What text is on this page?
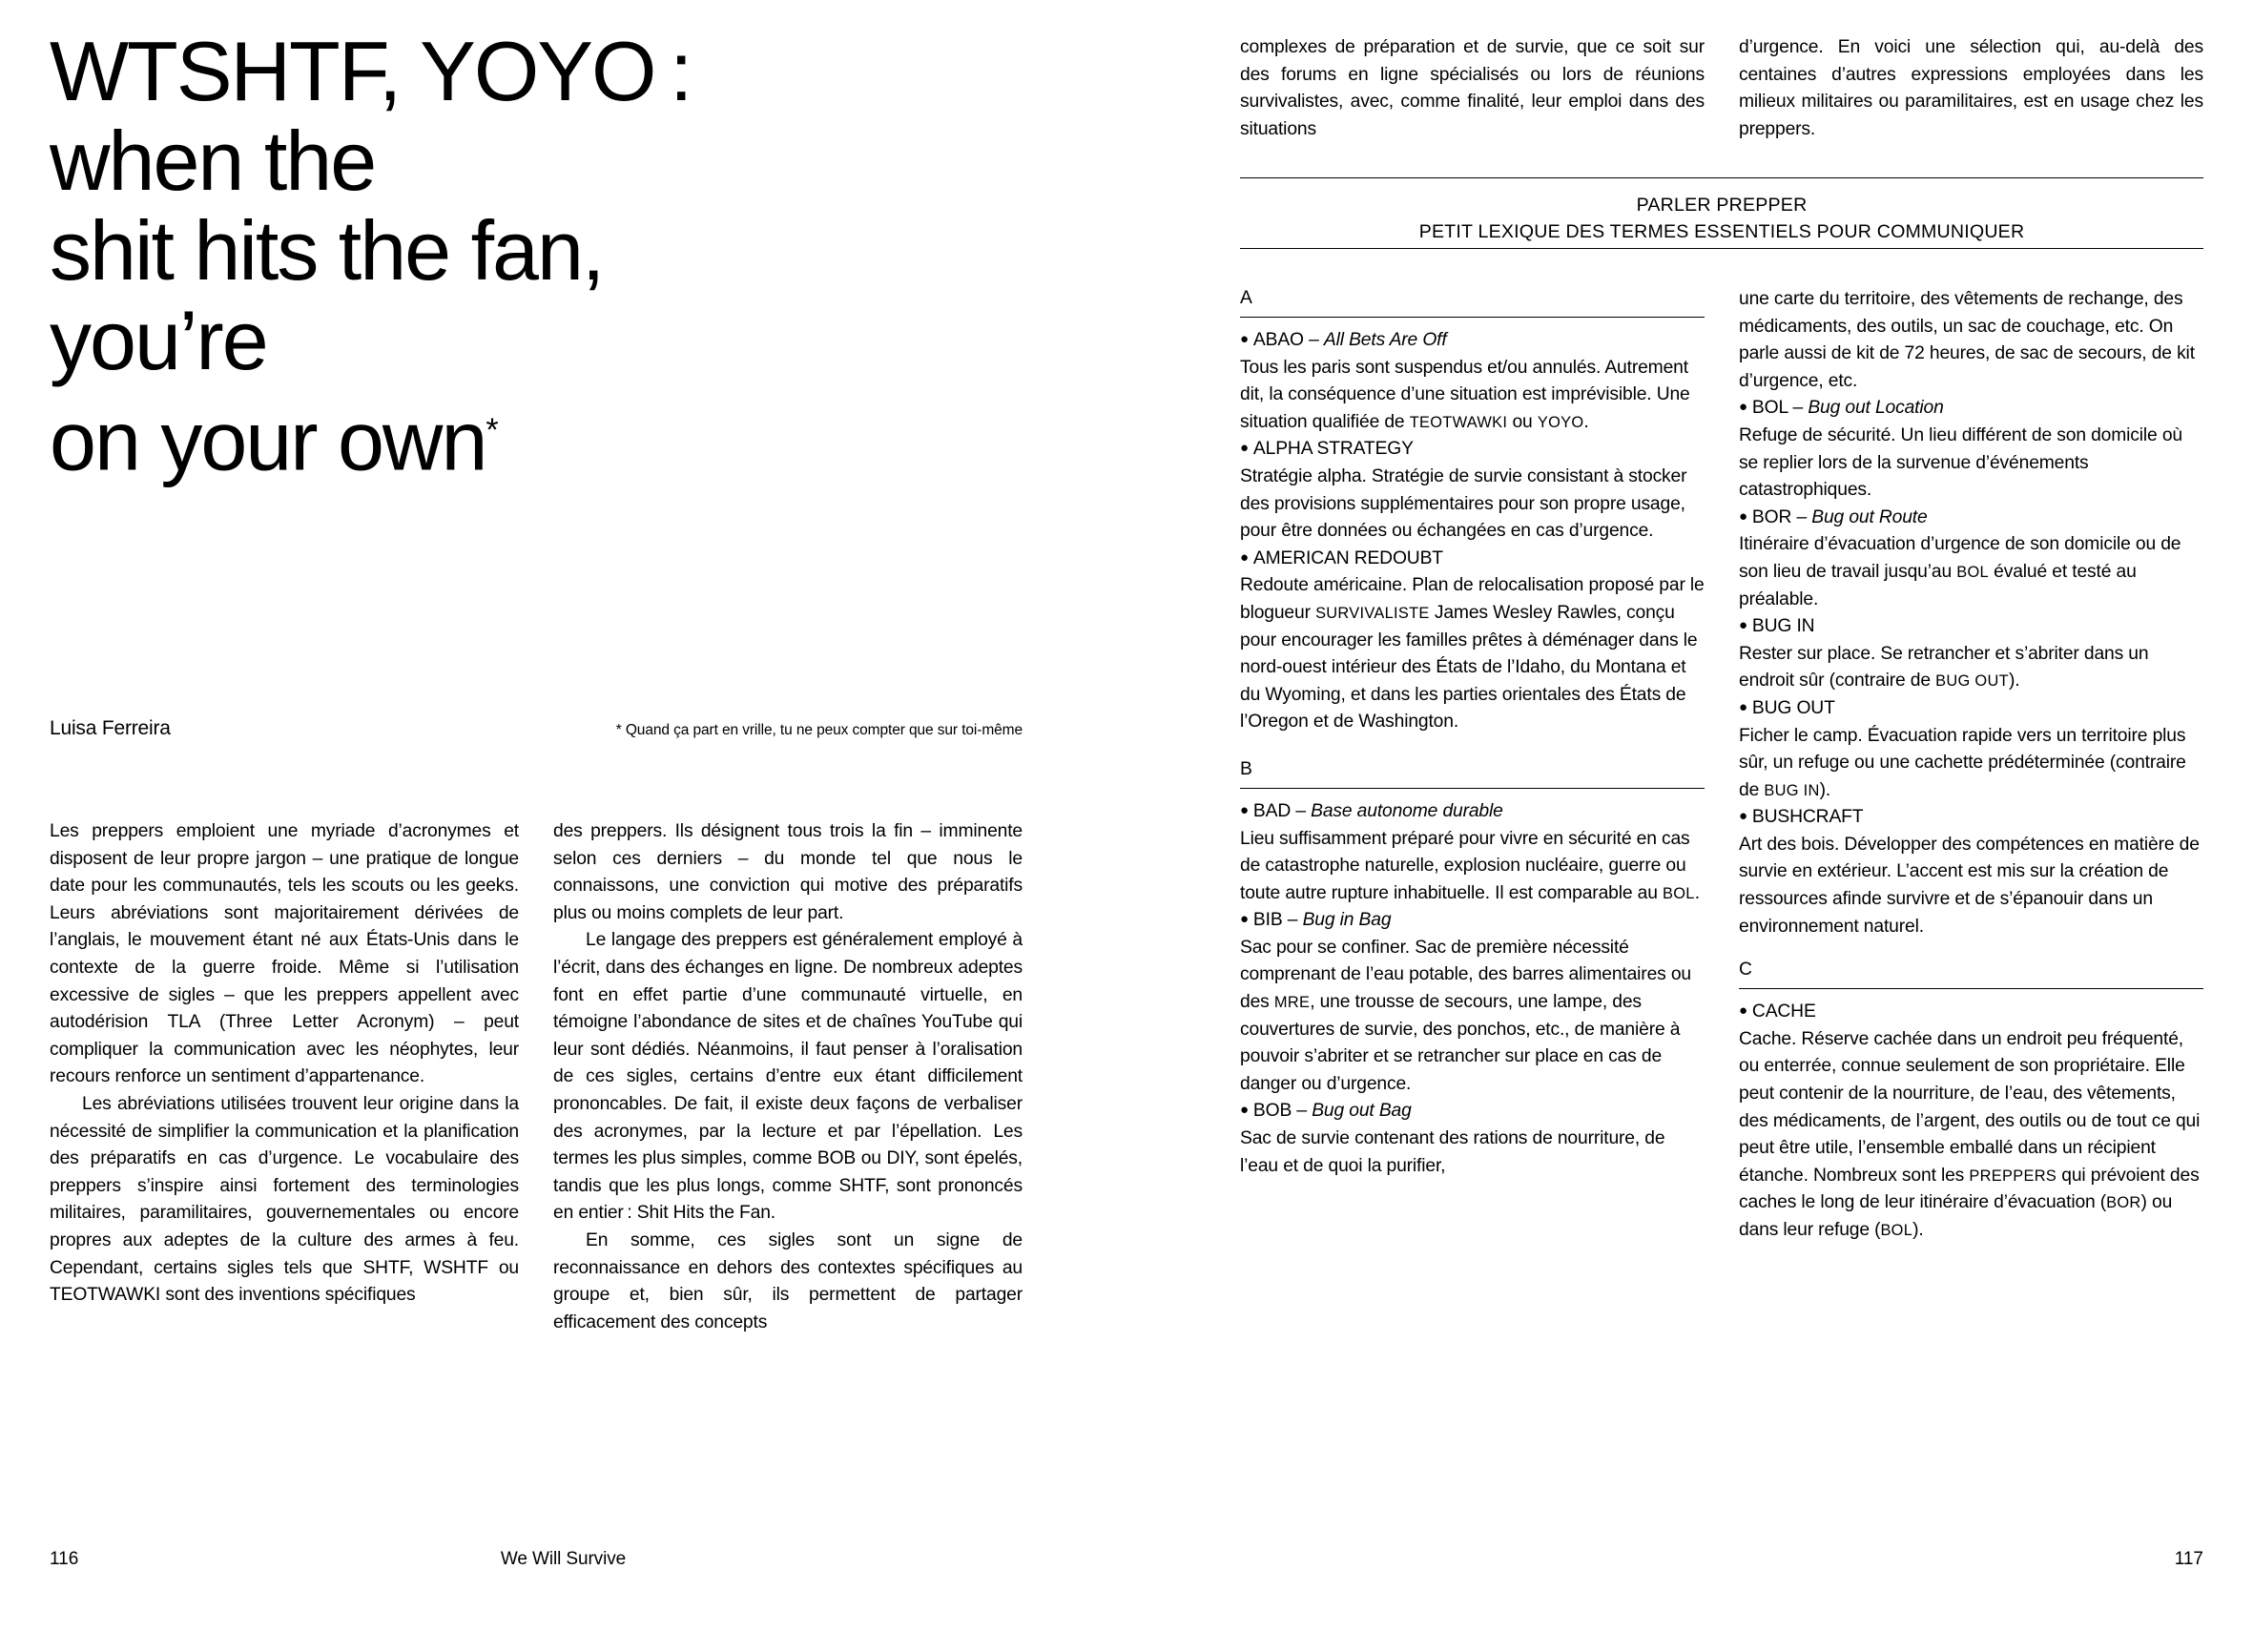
WTSHTF, YOYO :
when the
shit hits the fan,
you’re
on your own*
Luisa Ferreira	* Quand ça part en vrille, tu ne peux compter que sur toi-même

Les preppers emploient une myriade d’acronymes et disposent de leur propre jargon – une pratique de longue date pour les communautés, tels les scouts ou les geeks. Leurs abréviations sont majoritairement dérivées de l’anglais, le mouvement étant né aux États-Unis dans le contexte de la guerre froide. Même si l’utilisation excessive de sigles – que les preppers appellent avec autodérision TLA (Three Letter Acronym) – peut compliquer la communication avec les néophytes, leur recours renforce un sentiment d’appartenance.

Les abréviations utilisées trouvent leur origine dans la nécessité de simplifier la communication et la planification des préparatifs en cas d’urgence. Le vocabulaire des preppers s’inspire ainsi fortement des terminologies militaires, paramilitaires, gouvernementales ou encore propres aux adeptes de la culture des armes à feu. Cependant, certains sigles tels que SHTF, WSHTF ou TEOTWAWKI sont des inventions spécifiques

des preppers. Ils désignent tous trois la fin – imminente selon ces derniers – du monde tel que nous le connaissons, une conviction qui motive des préparatifs plus ou moins complets de leur part.

Le langage des preppers est généralement employé à l’écrit, dans des échanges en ligne. De nombreux adeptes font en effet partie d’une communauté virtuelle, en témoigne l’abondance de sites et de chaînes YouTube qui leur sont dédiés. Néanmoins, il faut penser à l’oralisation de ces sigles, certains d’entre eux étant difficilement prononcables. De fait, il existe deux façons de verbaliser des acronymes, par la lecture et par l’épellation. Les termes les plus simples, comme BOB ou DIY, sont épelés, tandis que les plus longs, comme SHTF, sont prononcés en entier : Shit Hits the Fan.

En somme, ces sigles sont un signe de reconnaissance en dehors des contextes spécifiques au groupe et, bien sûr, ils permettent de partager efficacement des concepts

116	We Will Survive

complexes de préparation et de survie, que ce soit sur des forums en ligne spécialisés ou lors de réunions survivalistes, avec, comme finalité, leur emploi dans des situations

d’urgence. En voici une sélection qui, au-delà des centaines d’autres expressions employées dans les milieux militaires ou paramilitaires, est en usage chez les preppers.

PARLER PREPPER
PETIT LEXIQUE DES TERMES ESSENTIELS POUR COMMUNIQUER
A

● ABAO – All Bets Are Off
Tous les paris sont suspendus et/ou annulés. Autrement dit, la conséquence d’une situation est imprévisible. Une situation qualifiée de TEOTWAWKI ou YOYO.

● ALPHA STRATEGY
Stratégie alpha. Stratégie de survie consistant à stocker des provisions supplémentaires pour son propre usage, pour être données ou échangées en cas d’urgence.

● AMERICAN REDOUBT
Redoute américaine. Plan de relocalisation proposé par le blogueur SURVIVALISTE James Wesley Rawles, conçu pour encourager les familles prêtes à déménager dans le nord-ouest intérieur des États de l’Idaho, du Montana et du Wyoming, et dans les parties orientales des États de l’Oregon et de Washington.

B

● BAD – Base autonome durable
Lieu suffisamment préparé pour vivre en sécurité en cas de catastrophe naturelle, explosion nucléaire, guerre ou toute autre rupture inhabituelle. Il est comparable au BOL.

● BIB – Bug in Bag
Sac pour se confiner. Sac de première nécessité comprenant de l’eau potable, des barres alimentaires ou des MRE, une trousse de secours, une lampe, des couvertures de survie, des ponchos, etc., de manière à pouvoir s’abriter et se retrancher sur place en cas de danger ou d’urgence.

● BOB – Bug out Bag
Sac de survie contenant des rations de nourriture, de l’eau et de quoi la purifier,

une carte du territoire, des vêtements de rechange, des médicaments, des outils, un sac de couchage, etc. On parle aussi de kit de 72 heures, de sac de secours, de kit d’urgence, etc.

● BOL – Bug out Location
Refuge de sécurité. Un lieu différent de son domicile où se replier lors de la survenue d’événements catastrophiques.

● BOR – Bug out Route
Itinéraire d’évacuation d’urgence de son domicile ou de son lieu de travail jusqu’au BOL évalué et testé au préalable.

● BUG IN
Rester sur place. Se retrancher et s’abriter dans un endroit sûr (contraire de BUG OUT).

● BUG OUT
Ficher le camp. Évacuation rapide vers un territoire plus sûr, un refuge ou une cachette prédéterminée (contraire de BUG IN).

● BUSHCRAFT
Art des bois. Développer des compétences en matière de survie en extérieur. L’accent est mis sur la création de ressources afinde survivre et de s’épanouir dans un environnement naturel.

C

● CACHE
Cache. Réserve cachée dans un endroit peu fréquenté, ou enterrée, connue seulement de son propriétaire. Elle peut contenir de la nourriture, de l’eau, des vêtements, des médicaments, de l’argent, des outils ou de tout ce qui peut être utile, l’ensemble emballé dans un récipient étanche. Nombreux sont les PREPPERS qui prévoient des caches le long de leur itinéraire d’évacuation (BOR) ou dans leur refuge (BOL).

117
